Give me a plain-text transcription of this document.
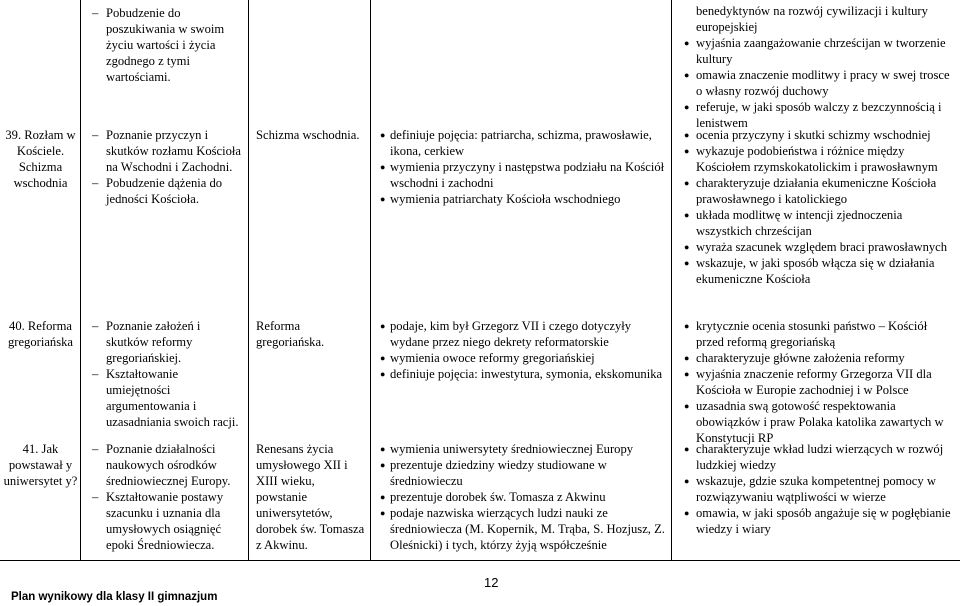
– Pobudzenie do poszukiwania w swoim życiu wartości i życia zgodnego z tymi wartościami.
benedyktynów na rozwój cywilizacji i kultury europejskiej
● wyjaśnia zaangażowanie chrześcijan w tworzenie kultury
● omawia znaczenie modlitwy i pracy w swej trosce o własny rozwój duchowy
● referuje, w jaki sposób walczy z bezczynnością i lenistwem
39. Rozłam w Kościele. Schizma wschodnia
– Poznanie przyczyn i skutków rozłamu Kościoła na Wschodni i Zachodni.
– Pobudzenie dążenia do jedności Kościoła.
Schizma wschodnia.	● definiuje pojęcia: patriarcha, schizma, prawosławie, ikona, cerkiew
● wymienia przyczyny i następstwa podziału na Kościół wschodni i zachodni
● wymienia patriarchaty Kościoła wschodniego
● ocenia przyczyny i skutki schizmy wschodniej
● wykazuje podobieństwa i różnice między Kościołem rzymskokatolickim i prawosławnym
● charakteryzuje działania ekumeniczne Kościoła prawosławnego i katolickiego
● układa modlitwę w intencji zjednoczenia wszystkich chrześcijan
● wyraża szacunek względem braci prawosławnych
● wskazuje, w jaki sposób włącza się w działania ekumeniczne Kościoła
40. Reforma gregoriańska
– Poznanie założeń i skutków reformy gregoriańskiej.
– Kształtowanie umiejętności argumentowania i uzasadniania swoich racji.
Reforma gregoriańska.
● podaje, kim był Grzegorz VII i czego dotyczyły wydane przez niego dekrety reformatorskie
● wymienia owoce reformy gregoriańskiej
● definiuje pojęcia: inwestytura, symonia, ekskomunika
● krytycznie ocenia stosunki państwo – Kościół przed reformą gregoriańską
● charakteryzuje główne założenia reformy
● wyjaśnia znaczenie reformy Grzegorza VII dla Kościoła w Europie zachodniej i w Polsce
● uzasadnia swą gotowość respektowania obowiązków i praw Polaka katolika zawartych w Konstytucji RP
41. Jak powstawał y uniwersytet y?
– Poznanie działalności naukowych ośrodków średniowiecznej Europy.
– Kształtowanie postawy szacunku i uznania dla umysłowych osiągnięć epoki Średniowiecza.
Renesans życia umysłowego XII i XIII wieku, powstanie uniwersytetów, dorobek św. Tomasza z Akwinu.
● wymienia uniwersytety średniowiecznej Europy
● prezentuje dziedziny wiedzy studiowane w średniowieczu
● prezentuje dorobek św. Tomasza z Akwinu
● podaje nazwiska wierzących ludzi nauki ze średniowiecza (M. Kopernik, M. Trąba, S. Hozjusz, Z. Oleśnicki) i tych, którzy żyją współcześnie
● charakteryzuje wkład ludzi wierzących w rozwój ludzkiej wiedzy
● wskazuje, gdzie szuka kompetentnej pomocy w rozwiązywaniu wątpliwości w wierze
● omawia, w jaki sposób angażuje się w pogłębianie wiedzy i wiary
12
Plan wynikowy dla klasy II gimnazjum
